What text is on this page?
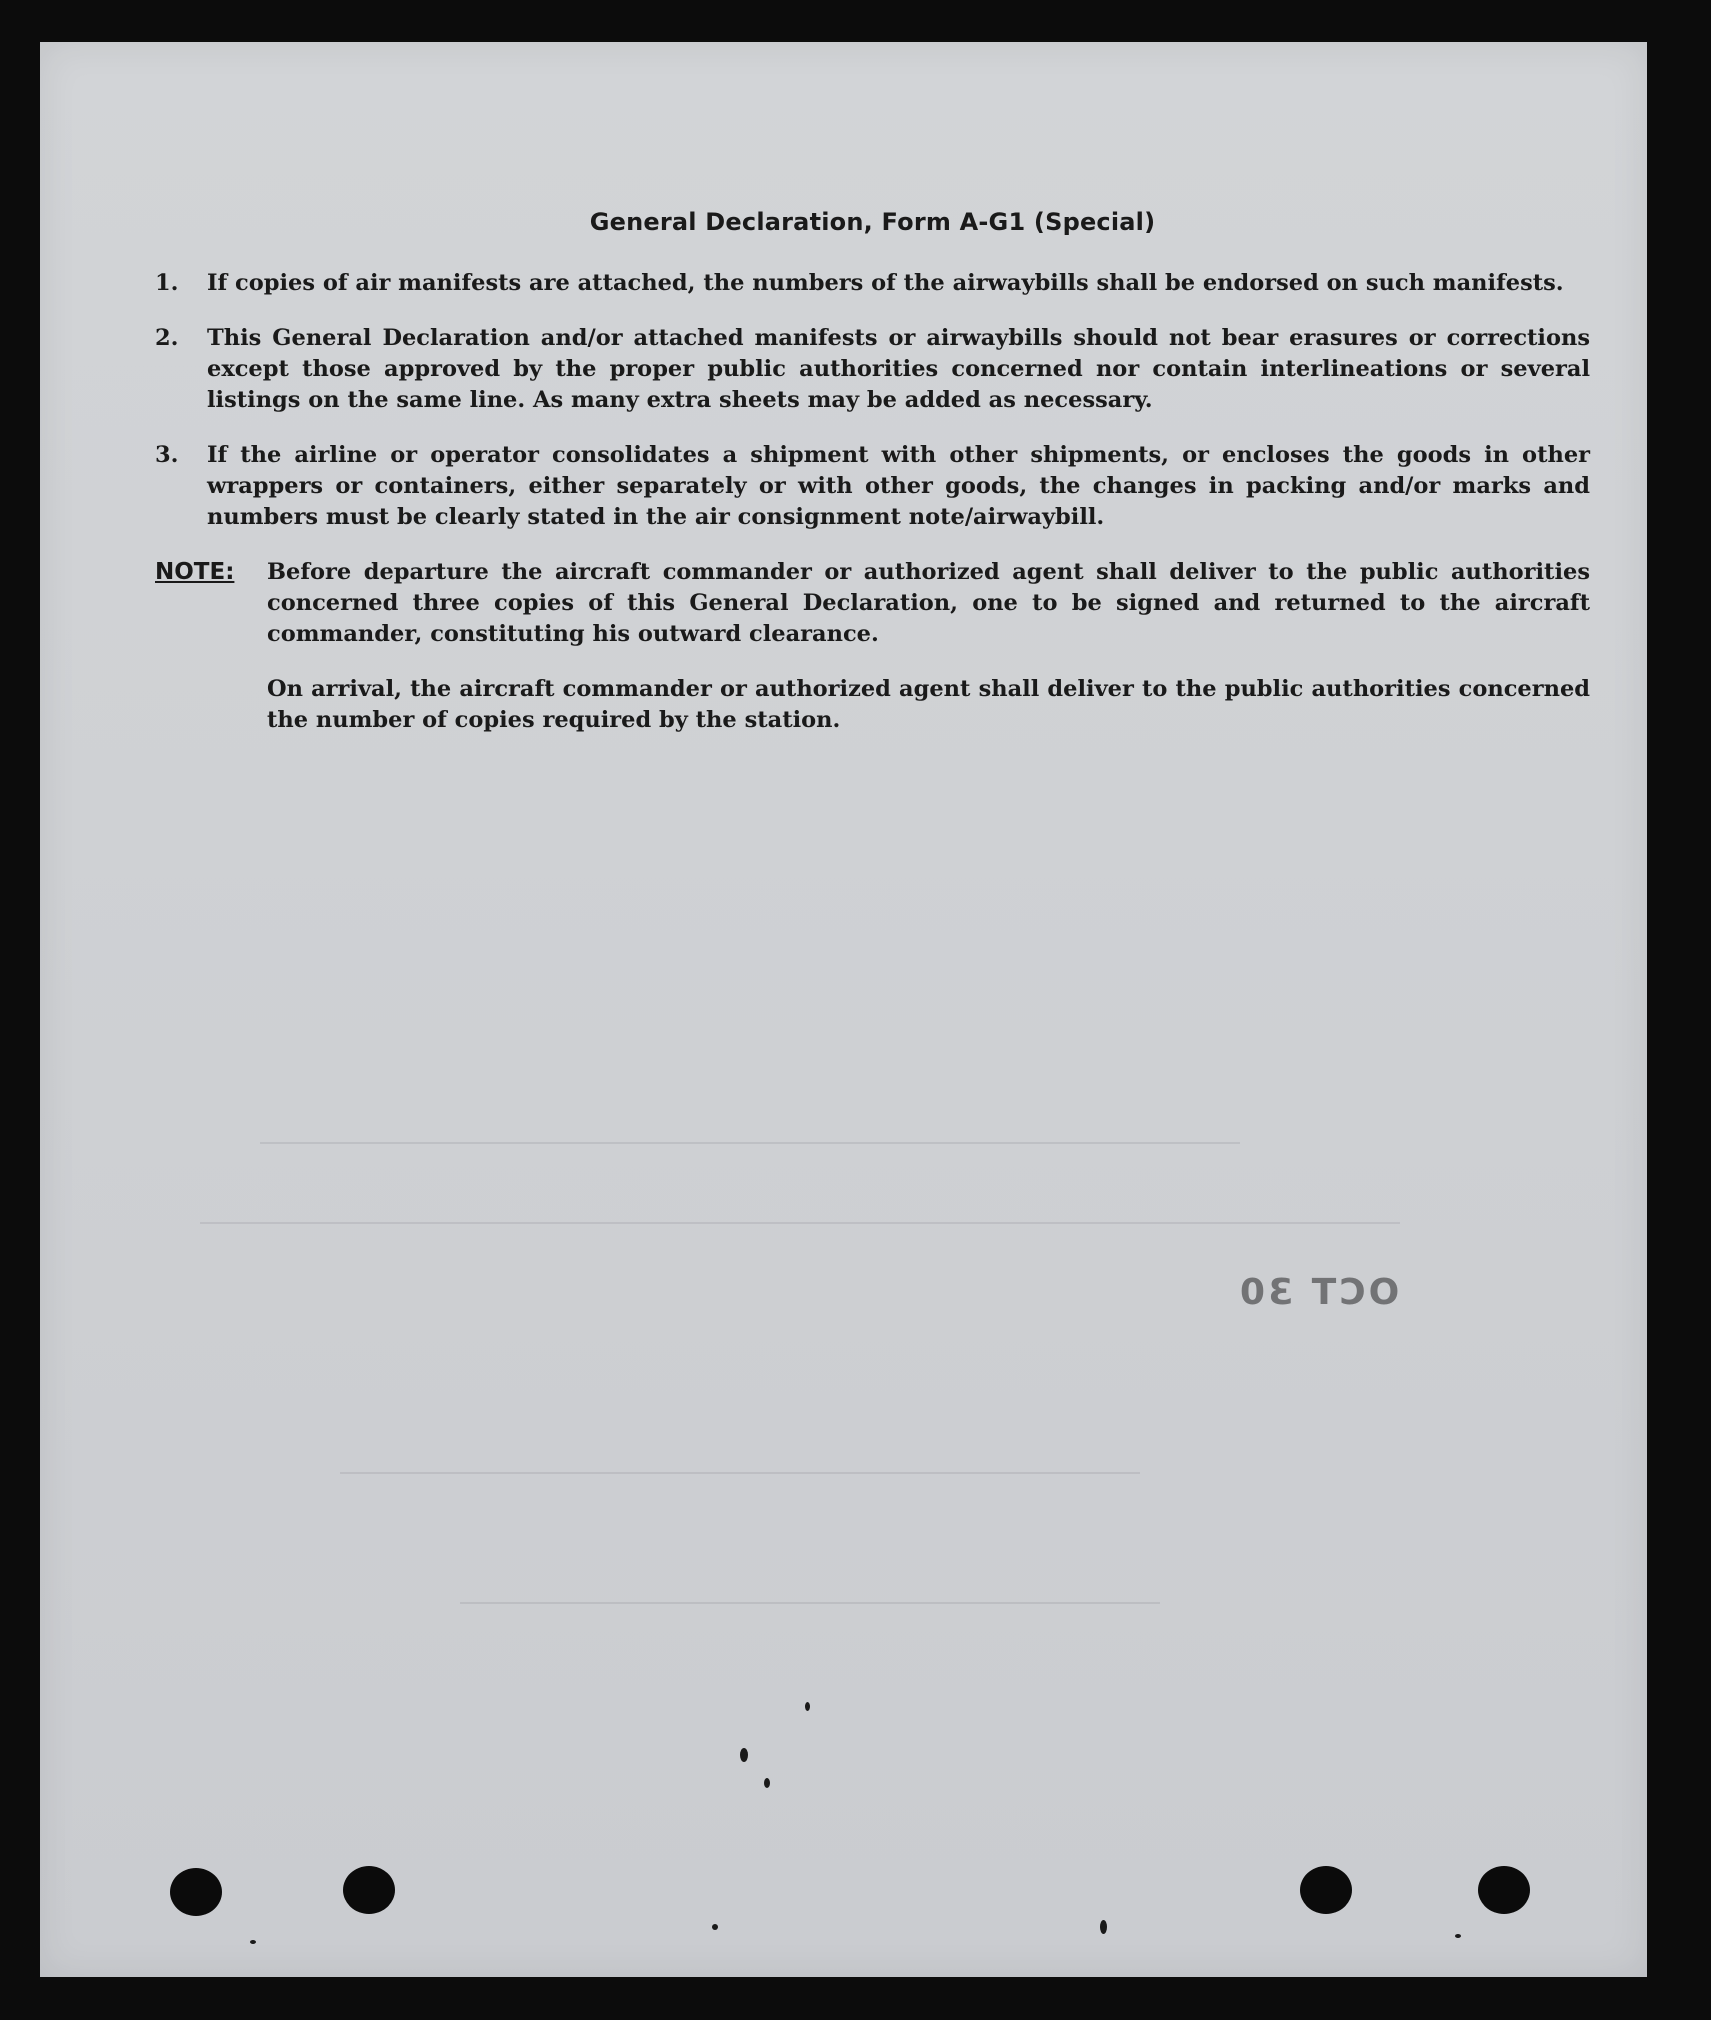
General Declaration, Form A-G1 (Special)
1.	If copies of air manifests are attached, the numbers of the airwaybills shall be endorsed on such manifests.
2.	This General Declaration and/or attached manifests or airwaybills should not bear erasures or corrections except those approved by the proper public authorities concerned nor contain interlineations or several listings on the same line. As many extra sheets may be added as necessary.
3.	If the airline or operator consolidates a shipment with other shipments, or encloses the goods in other wrappers or containers, either separately or with other goods, the changes in packing and/or marks and numbers must be clearly stated in the air consignment note/airwaybill.
NOTE:	Before departure the aircraft commander or authorized agent shall deliver to the public authorities concerned three copies of this General Declaration, one to be signed and returned to the aircraft commander, constituting his outward clearance.

On arrival, the aircraft commander or authorized agent shall deliver to the public authorities concerned the number of copies required by the station.

OCT 30
